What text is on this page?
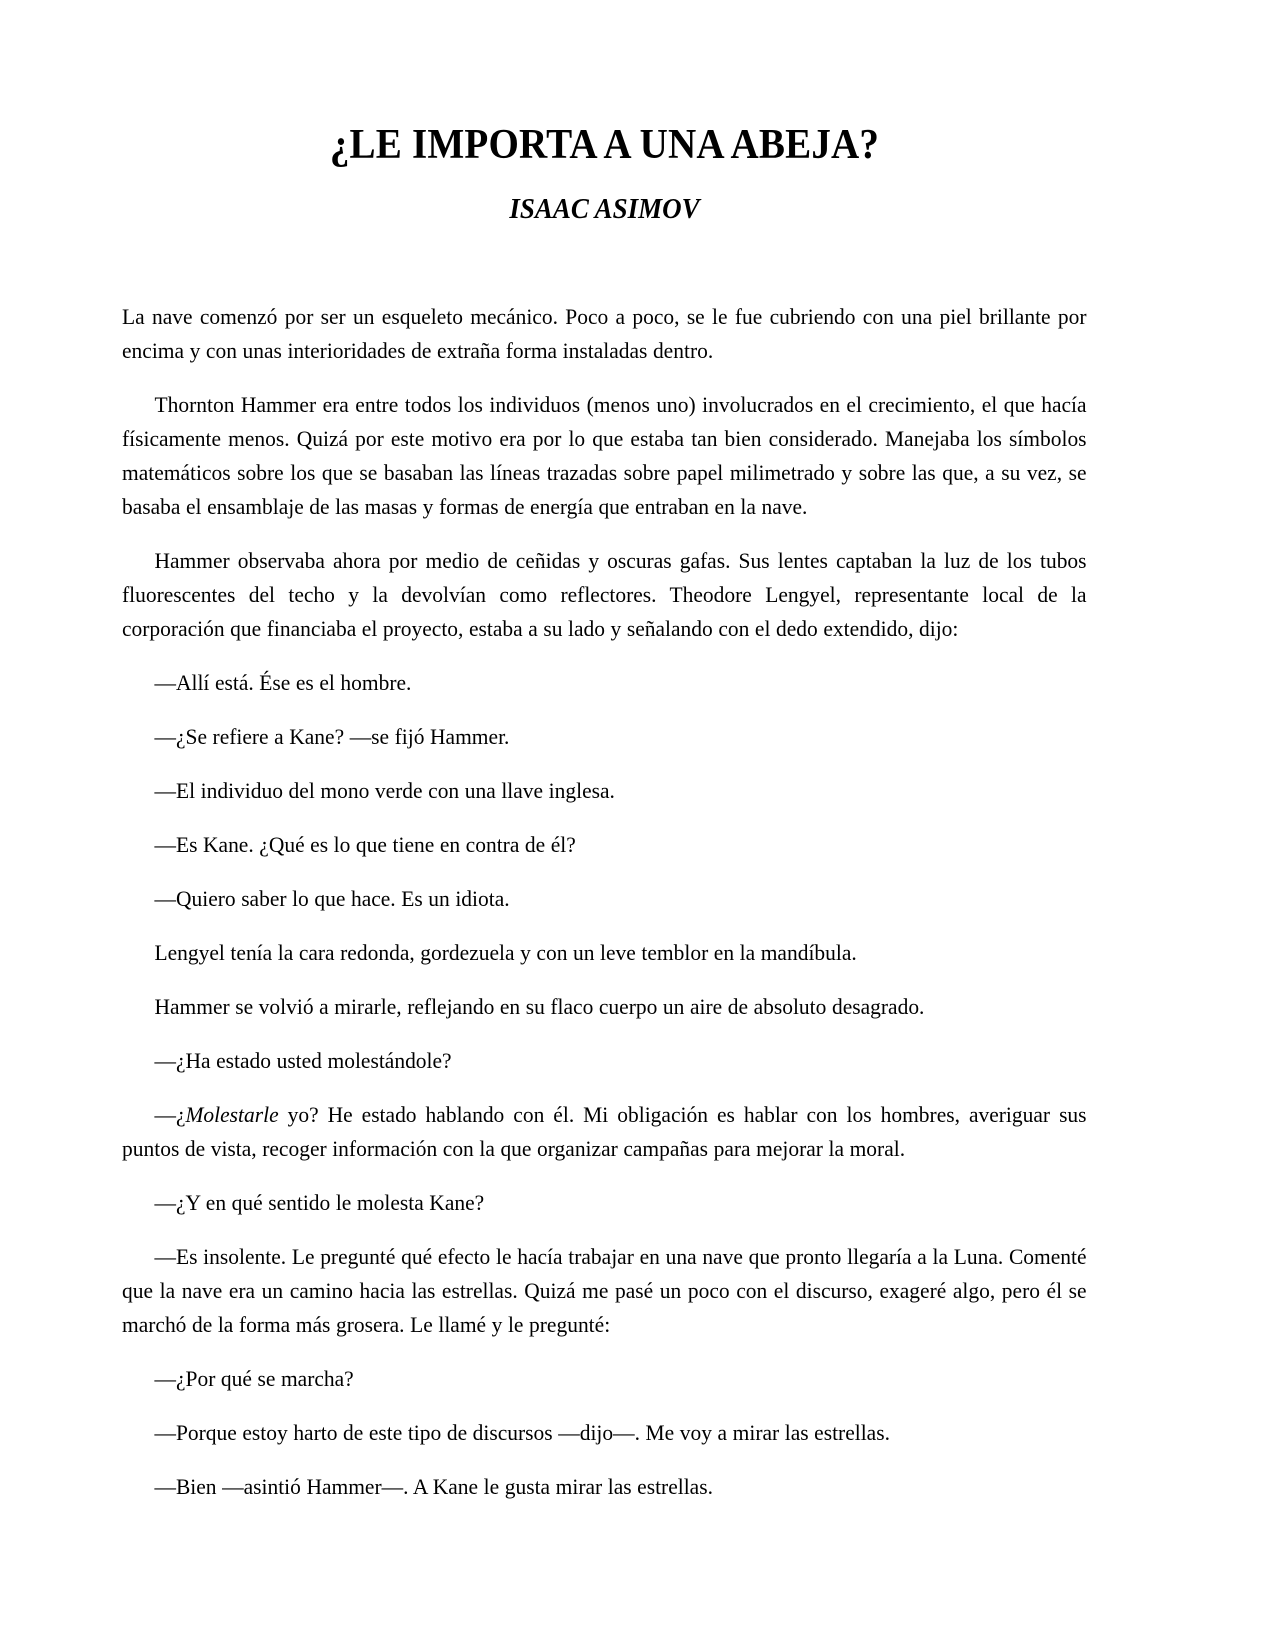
¿LE IMPORTA A UNA ABEJA?
ISAAC ASIMOV

La nave comenzó por ser un esqueleto mecánico. Poco a poco, se le fue cubriendo con una piel brillante por encima y con unas interioridades de extraña forma instaladas dentro.

Thornton Hammer era entre todos los individuos (menos uno) involucrados en el crecimiento, el que hacía físicamente menos. Quizá por este motivo era por lo que estaba tan bien considerado. Manejaba los símbolos matemáticos sobre los que se basaban las líneas trazadas sobre papel milimetrado y sobre las que, a su vez, se basaba el ensamblaje de las masas y formas de energía que entraban en la nave.

Hammer observaba ahora por medio de ceñidas y oscuras gafas. Sus lentes captaban la luz de los tubos fluorescentes del techo y la devolvían como reflectores. Theodore Lengyel, representante local de la corporación que financiaba el proyecto, estaba a su lado y señalando con el dedo extendido, dijo:

—Allí está. Ése es el hombre.

—¿Se refiere a Kane? —se fijó Hammer.

—El individuo del mono verde con una llave inglesa.

—Es Kane. ¿Qué es lo que tiene en contra de él?

—Quiero saber lo que hace. Es un idiota.

Lengyel tenía la cara redonda, gordezuela y con un leve temblor en la mandíbula.

Hammer se volvió a mirarle, reflejando en su flaco cuerpo un aire de absoluto desagrado.

—¿Ha estado usted molestándole?

—¿Molestarle yo? He estado hablando con él. Mi obligación es hablar con los hombres, averiguar sus puntos de vista, recoger información con la que organizar campañas para mejorar la moral.

—¿Y en qué sentido le molesta Kane?

—Es insolente. Le pregunté qué efecto le hacía trabajar en una nave que pronto llegaría a la Luna. Comenté que la nave era un camino hacia las estrellas. Quizá me pasé un poco con el discurso, exageré algo, pero él se marchó de la forma más grosera. Le llamé y le pregunté:

—¿Por qué se marcha?

—Porque estoy harto de este tipo de discursos —dijo—. Me voy a mirar las estrellas.

—Bien —asintió Hammer—. A Kane le gusta mirar las estrellas.
